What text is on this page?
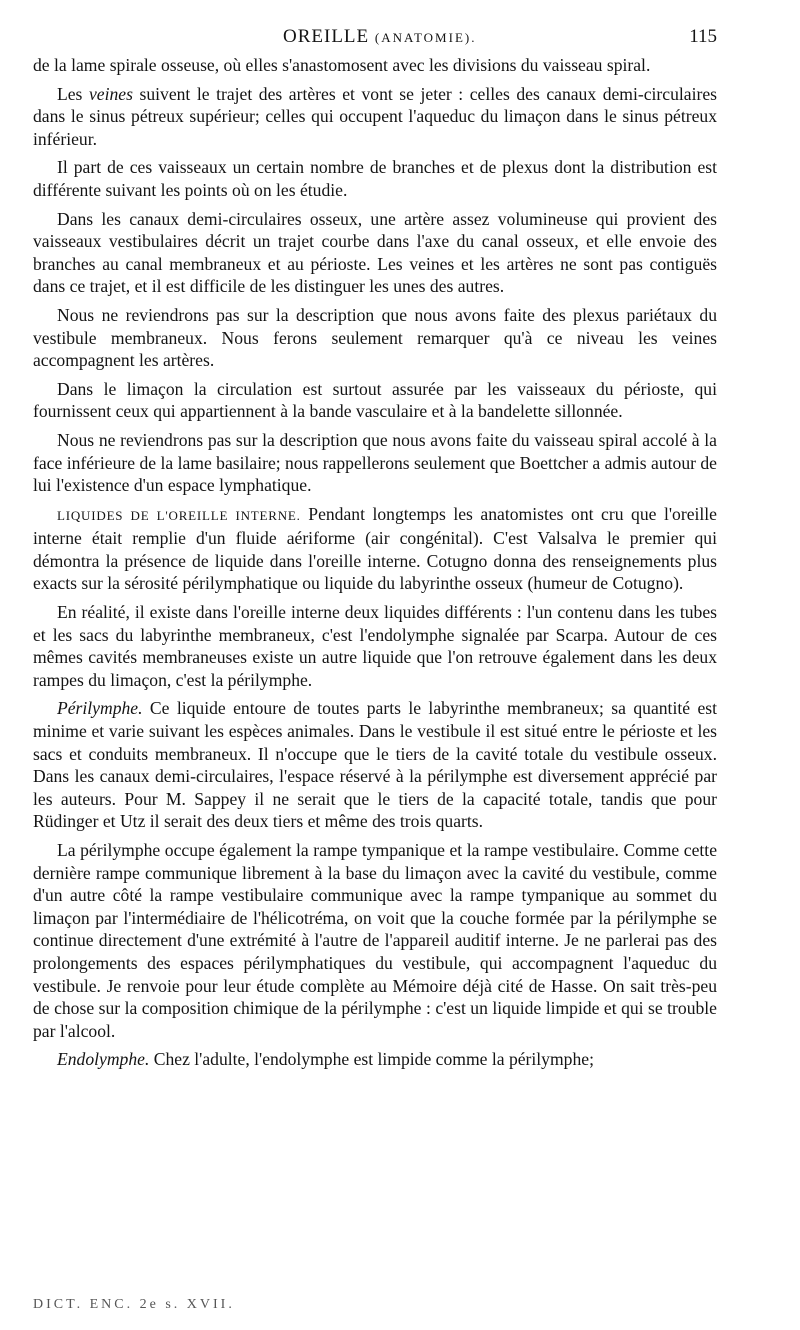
OREILLE (ANATOMIE).	115

de la lame spirale osseuse, où elles s'anastomosent avec les divisions du vaisseau spiral.

Les veines suivent le trajet des artères et vont se jeter : celles des canaux demi-circulaires dans le sinus pétreux supérieur; celles qui occupent l'aqueduc du limaçon dans le sinus pétreux inférieur.

Il part de ces vaisseaux un certain nombre de branches et de plexus dont la distribution est différente suivant les points où on les étudie.

Dans les canaux demi-circulaires osseux, une artère assez volumineuse qui provient des vaisseaux vestibulaires décrit un trajet courbe dans l'axe du canal osseux, et elle envoie des branches au canal membraneux et au périoste. Les veines et les artères ne sont pas contiguës dans ce trajet, et il est difficile de les distinguer les unes des autres.

Nous ne reviendrons pas sur la description que nous avons faite des plexus pariétaux du vestibule membraneux. Nous ferons seulement remarquer qu'à ce niveau les veines accompagnent les artères.

Dans le limaçon la circulation est surtout assurée par les vaisseaux du périoste, qui fournissent ceux qui appartiennent à la bande vasculaire et à la bandelette sillonnée.

Nous ne reviendrons pas sur la description que nous avons faite du vaisseau spiral accolé à la face inférieure de la lame basilaire; nous rappellerons seulement que Boettcher a admis autour de lui l'existence d'un espace lymphatique.

LIQUIDES DE L'OREILLE INTERNE. Pendant longtemps les anatomistes ont cru que l'oreille interne était remplie d'un fluide aériforme (air congénital). C'est Valsalva le premier qui démontra la présence de liquide dans l'oreille interne. Cotugno donna des renseignements plus exacts sur la sérosité périlymphatique ou liquide du labyrinthe osseux (humeur de Cotugno).

En réalité, il existe dans l'oreille interne deux liquides différents : l'un contenu dans les tubes et les sacs du labyrinthe membraneux, c'est l'endolymphe signalée par Scarpa. Autour de ces mêmes cavités membraneuses existe un autre liquide que l'on retrouve également dans les deux rampes du limaçon, c'est la périlymphe.

Périlymphe. Ce liquide entoure de toutes parts le labyrinthe membraneux; sa quantité est minime et varie suivant les espèces animales. Dans le vestibule il est situé entre le périoste et les sacs et conduits membraneux. Il n'occupe que le tiers de la cavité totale du vestibule osseux. Dans les canaux demi-circulaires, l'espace réservé à la périlymphe est diversement apprécié par les auteurs. Pour M. Sappey il ne serait que le tiers de la capacité totale, tandis que pour Rüdinger et Utz il serait des deux tiers et même des trois quarts.

La périlymphe occupe également la rampe tympanique et la rampe vestibulaire. Comme cette dernière rampe communique librement à la base du limaçon avec la cavité du vestibule, comme d'un autre côté la rampe vestibulaire communique avec la rampe tympanique au sommet du limaçon par l'intermédiaire de l'hélicotréma, on voit que la couche formée par la périlymphe se continue directement d'une extrémité à l'autre de l'appareil auditif interne. Je ne parlerai pas des prolongements des espaces périlymphatiques du vestibule, qui accompagnent l'aqueduc du vestibule. Je renvoie pour leur étude complète au Mémoire déjà cité de Hasse. On sait très-peu de chose sur la composition chimique de la périlymphe : c'est un liquide limpide et qui se trouble par l'alcool.

Endolymphe. Chez l'adulte, l'endolymphe est limpide comme la périlymphe;

DICT. ENC. 2e s. XVII.
